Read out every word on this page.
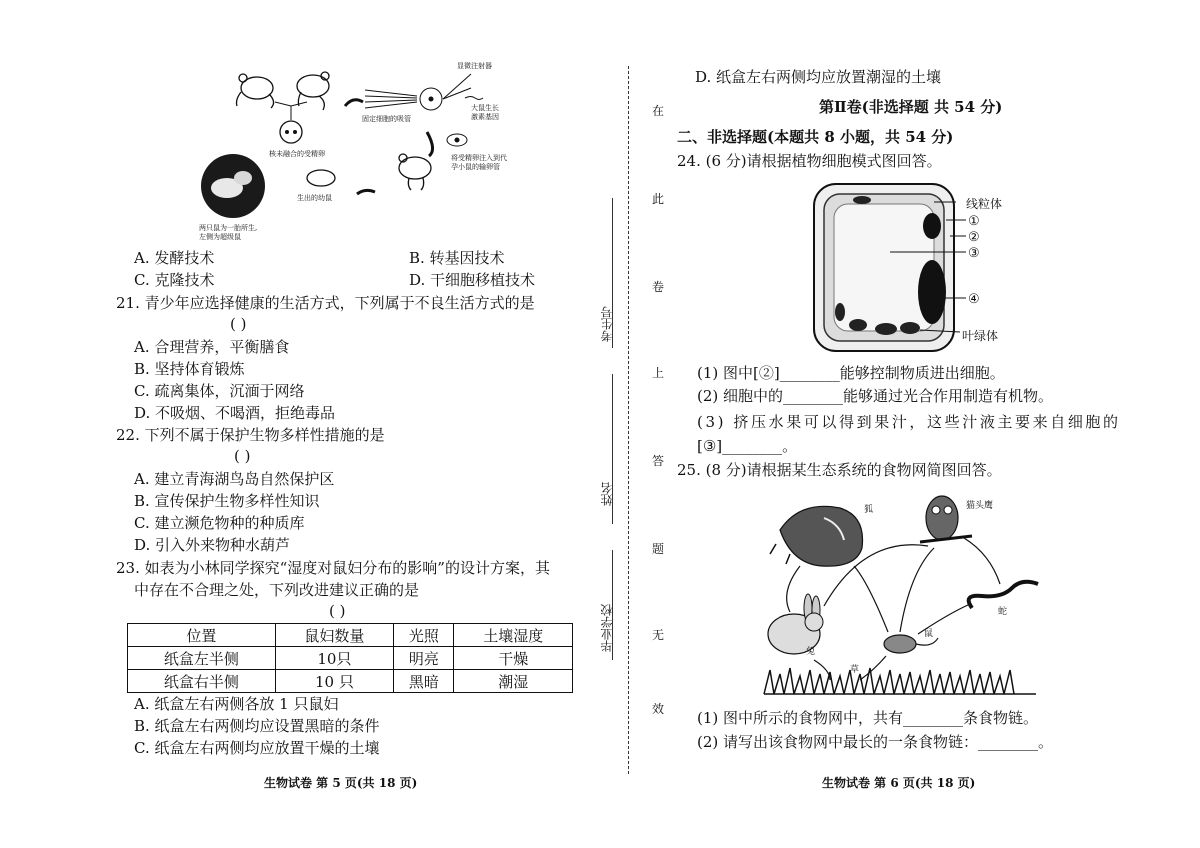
显微注射器
大鼠生长
激素基因
固定细胞的吸管
核未融合的受精卵	将受精卵注入到代
孕小鼠的输卵管
生出的幼鼠
两只鼠为一胎所生,
左侧为超级鼠
A. 发酵技术	B. 转基因技术
C. 克隆技术	D. 干细胞移植技术
21. 青少年应选择健康的生活方式，下列属于不良生活方式的是
( )
A. 合理营养，平衡膳食
B. 坚持体育锻炼
C. 疏离集体，沉湎于网络
D. 不吸烟、不喝酒，拒绝毒品
22. 下列不属于保护生物多样性措施的是
( )
A. 建立青海湖鸟岛自然保护区
B. 宣传保护生物多样性知识
C. 建立濒危物种的种质库
D. 引入外来物种水葫芦
23. 如表为小林同学探究“湿度对鼠妇分布的影响”的设计方案，其
中存在不合理之处，下列改进建议正确的是
( )
位置	鼠妇数量	光照	土壤湿度
纸盒左半侧	10只	明亮	干燥
纸盒右半侧	10 只	黑暗	潮湿
A. 纸盒左右两侧各放 1 只鼠妇
B. 纸盒左右两侧均应设置黑暗的条件
C. 纸盒左右两侧均应放置干燥的土壤
生物试卷 第 5 页(共 18 页)
考生号
姓名
毕业学校
在
此
卷
上
答
题
无
效
D. 纸盒左右两侧均应放置潮湿的土壤
第Ⅱ卷(非选择题 共 54 分)
二、非选择题(本题共 8 小题，共 54 分)
24. (6 分)请根据植物细胞模式图回答。
线粒体
①
②
③
④
叶绿体
(1) 图中[②]________能够控制物质进出细胞。
(2) 细胞中的________能够通过光合作用制造有机物。
(3) 挤压水果可以得到果汁，这些汁液主要来自细胞的
[③]________。
25. (8 分)请根据某生态系统的食物网简图回答。
狐	猫头鹰
蛇
兔
鼠
草
(1) 图中所示的食物网中，共有________条食物链。
(2) 请写出该食物网中最长的一条食物链：________。
生物试卷 第 6 页(共 18 页)
